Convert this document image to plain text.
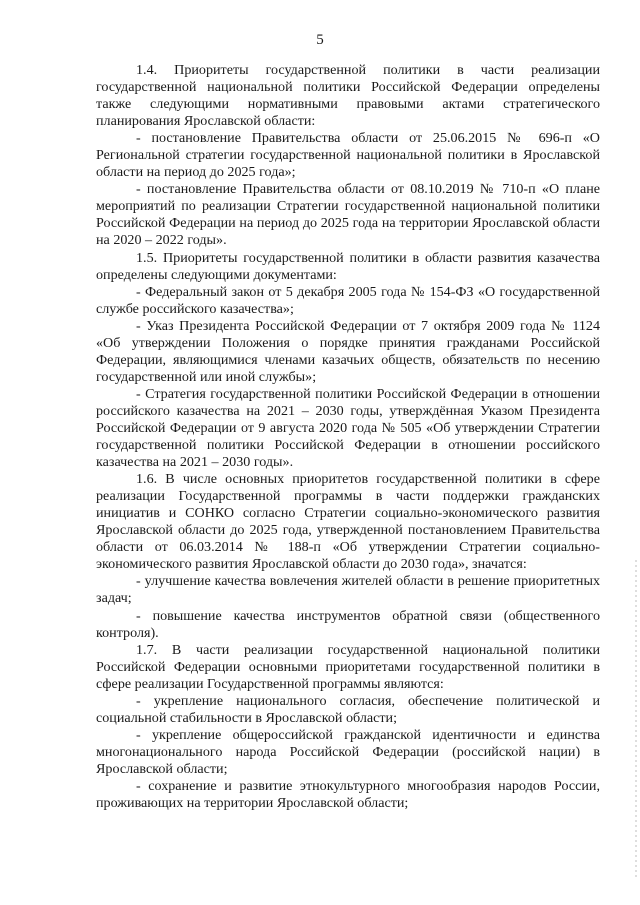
5

1.4. Приоритеты государственной политики в части реализации государственной национальной политики Российской Федерации определены также следующими нормативными правовыми актами стратегического планирования Ярославской области:

- постановление Правительства области от 25.06.2015 № 696-п «О Региональной стратегии государственной национальной политики в Ярославской области на период до 2025 года»;

- постановление Правительства области от 08.10.2019 № 710-п «О плане мероприятий по реализации Стратегии государственной национальной политики Российской Федерации на период до 2025 года на территории Ярославской области на 2020 – 2022 годы».

1.5. Приоритеты государственной политики в области развития казачества определены следующими документами:

- Федеральный закон от 5 декабря 2005 года № 154-ФЗ «О государственной службе российского казачества»;

- Указ Президента Российской Федерации от 7 октября 2009 года № 1124 «Об утверждении Положения о порядке принятия гражданами Российской Федерации, являющимися членами казачьих обществ, обязательств по несению государственной или иной службы»;

- Стратегия государственной политики Российской Федерации в отношении российского казачества на 2021 – 2030 годы, утверждённая Указом Президента Российской Федерации от 9 августа 2020 года № 505 «Об утверждении Стратегии государственной политики Российской Федерации в отношении российского казачества на 2021 – 2030 годы».

1.6. В числе основных приоритетов государственной политики в сфере реализации Государственной программы в части поддержки гражданских инициатив и СОНКО согласно Стратегии социально-экономического развития Ярославской области до 2025 года, утвержденной постановлением Правительства области от 06.03.2014 № 188-п «Об утверждении Стратегии социально-экономического развития Ярославской области до 2030 года», значатся:

- улучшение качества вовлечения жителей области в решение приоритетных задач;

- повышение качества инструментов обратной связи (общественного контроля).

1.7. В части реализации государственной национальной политики Российской Федерации основными приоритетами государственной политики в сфере реализации Государственной программы являются:

- укрепление национального согласия, обеспечение политической и социальной стабильности в Ярославской области;

- укрепление общероссийской гражданской идентичности и единства многонационального народа Российской Федерации (российской нации) в Ярославской области;

- сохранение и развитие этнокультурного многообразия народов России, проживающих на территории Ярославской области;
